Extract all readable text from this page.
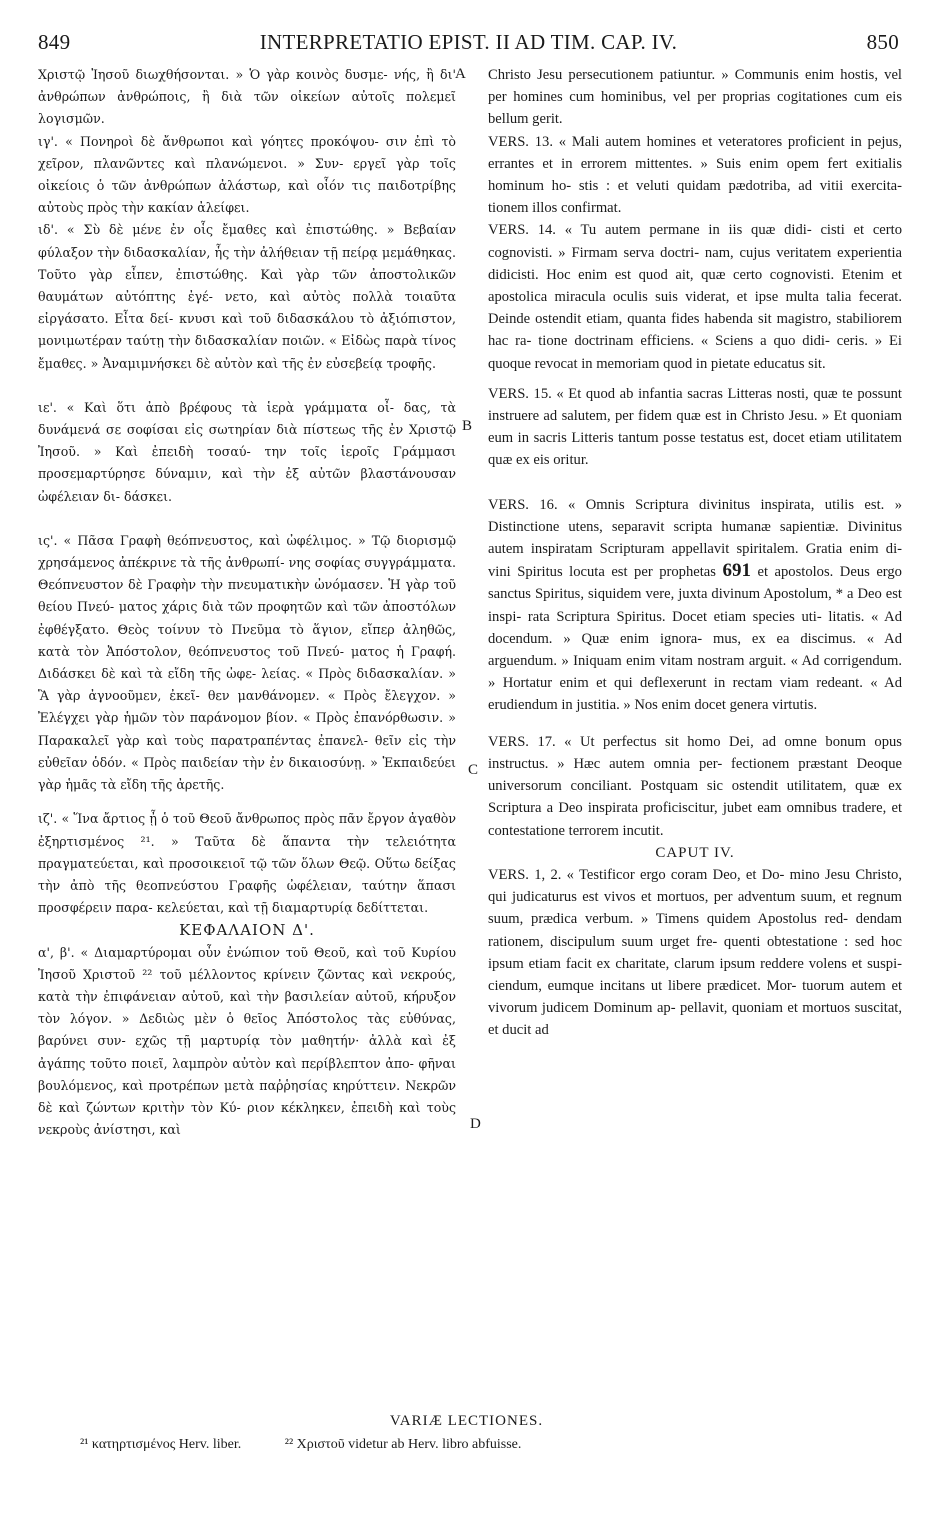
849	INTERPRETATIO EPIST. II AD TIM. CAP. IV.	850

Χριστῷ Ἰησοῦ διωχθήσονται. » Ὁ γὰρ κοινὸς δυσμε- νής, ἢ δι' ἀνθρώπων ἀνθρώποις, ἢ διὰ τῶν οἰκείων αὐτοῖς πολεμεῖ λογισμῶν.

ιγ'. « Πονηροὶ δὲ ἄνθρωποι καὶ γόητες προκόψου- σιν ἐπὶ τὸ χεῖρον, πλανῶντες καὶ πλανώμενοι. » Συν- εργεῖ γὰρ τοῖς οἰκείοις ὁ τῶν ἀνθρώπων ἀλάστωρ, καὶ οἷόν τις παιδοτρίβης αὐτοὺς πρὸς τὴν κακίαν ἀλείφει.

ιδ'. « Σὺ δὲ μένε ἐν οἷς ἔμαθες καὶ ἐπιστώθης. » Βεβαίαν φύλαξον τὴν διδασκαλίαν, ἧς τὴν ἀλήθειαν τῇ πείρᾳ μεμάθηκας. Τοῦτο γὰρ εἶπεν, ἐπιστώθης. Καὶ γὰρ τῶν ἀποστολικῶν θαυμάτων αὐτόπτης ἐγέ- νετο, καὶ αὐτὸς πολλὰ τοιαῦτα εἰργάσατο. Εἶτα δεί- κνυσι καὶ τοῦ διδασκάλου τὸ ἀξιόπιστον, μονιμωτέραν ταύτῃ τὴν διδασκαλίαν ποιῶν. « Εἰδὼς παρὰ τίνος ἔμαθες. » Ἀναμιμνήσκει δὲ αὐτὸν καὶ τῆς ἐν εὐσεβείᾳ τροφῆς.

ιε'. « Καὶ ὅτι ἀπὸ βρέφους τὰ ἱερὰ γράμματα οἶ- δας, τὰ δυνάμενά σε σοφίσαι εἰς σωτηρίαν διὰ πίστεως τῆς ἐν Χριστῷ Ἰησοῦ. » Καὶ ἐπειδὴ τοσαύ- την τοῖς ἱεροῖς Γράμμασι προσεμαρτύρησε δύναμιν, καὶ τὴν ἐξ αὐτῶν βλαστάνουσαν ὠφέλειαν δι- δάσκει.

ις'. « Πᾶσα Γραφὴ θεόπνευστος, καὶ ὠφέλιμος. » Τῷ διορισμῷ χρησάμενος ἀπέκρινε τὰ τῆς ἀνθρωπί- νης σοφίας συγγράμματα. Θεόπνευστον δὲ Γραφὴν τὴν πνευματικὴν ὠνόμασεν. Ἡ γὰρ τοῦ θείου Πνεύ- ματος χάρις διὰ τῶν προφητῶν καὶ τῶν ἀποστόλων ἐφθέγξατο. Θεὸς τοίνυν τὸ Πνεῦμα τὸ ἅγιον, εἴπερ ἀληθῶς, κατὰ τὸν Ἀπόστολον, θεόπνευστος τοῦ Πνεύ- ματος ἡ Γραφή. Διδάσκει δὲ καὶ τὰ εἴδη τῆς ὠφε- λείας. « Πρὸς διδασκαλίαν. » Ἃ γὰρ ἀγνοοῦμεν, ἐκεῖ- θεν μανθάνομεν. « Πρὸς ἔλεγχον. » Ἐλέγχει γὰρ ἡμῶν τὸν παράνομον βίον. « Πρὸς ἐπανόρθωσιν. » Παρακαλεῖ γὰρ καὶ τοὺς παρατραπέντας ἐπανελ- θεῖν εἰς τὴν εὐθεῖαν ὁδόν. « Πρὸς παιδείαν τὴν ἐν δικαιοσύνῃ. » Ἐκπαιδεύει γὰρ ἡμᾶς τὰ εἴδη τῆς ἀρετῆς.

ιζ'. « Ἵνα ἄρτιος ᾖ ὁ τοῦ Θεοῦ ἄνθρωπος πρὸς πᾶν ἔργον ἀγαθὸν ἐξηρτισμένος ²¹. » Ταῦτα δὲ ἅπαντα τὴν τελειότητα πραγματεύεται, καὶ προσοικειοῖ τῷ τῶν ὅλων Θεῷ. Οὕτω δείξας τὴν ἀπὸ τῆς θεοπνεύστου Γραφῆς ὠφέλειαν, ταύτην ἅπασι προσφέρειν παρα- κελεύεται, καὶ τῇ διαμαρτυρίᾳ δεδίττεται.

ΚΕΦΑΛΑΙΟΝ Δ'.

α', β'. « Διαμαρτύρομαι οὖν ἐνώπιον τοῦ Θεοῦ, καὶ τοῦ Κυρίου Ἰησοῦ Χριστοῦ ²² τοῦ μέλλοντος κρίνειν ζῶντας καὶ νεκρούς, κατὰ τὴν ἐπιφάνειαν αὐτοῦ, καὶ τὴν βασιλείαν αὐτοῦ, κήρυξον τὸν λόγον. » Δεδιὼς μὲν ὁ θεῖος Ἀπόστολος τὰς εὐθύνας, βαρύνει συν- εχῶς τῇ μαρτυρίᾳ τὸν μαθητήν· ἀλλὰ καὶ ἐξ ἀγάπης τοῦτο ποιεῖ, λαμπρὸν αὐτὸν καὶ περίβλεπτον ἀπο- φῆναι βουλόμενος, καὶ προτρέπων μετὰ παῤῥησίας κηρύττειν. Νεκρῶν δὲ καὶ ζώντων κριτὴν τὸν Κύ- ριον κέκληκεν, ἐπειδὴ καὶ τοὺς νεκροὺς ἀνίστησι, καὶ

Christo Jesu persecutionem patiuntur. » Communis enim hostis, vel per homines cum hominibus, vel per proprias cogitationes cum eis bellum gerit.

VERS. 13. « Mali autem homines et veteratores proficient in pejus, errantes et in errorem mittentes. » Suis enim opem fert exitialis hominum ho- stis : et veluti quidam pædotriba, ad vitii exercita- tionem illos confirmat.

VERS. 14. « Tu autem permane in iis quæ didi- cisti et certo cognovisti. » Firmam serva doctri- nam, cujus veritatem experientia didicisti. Hoc enim est quod ait, quæ certo cognovisti. Etenim et apostolica miracula oculis suis viderat, et ipse multa talia fecerat. Deinde ostendit etiam, quanta fides habenda sit magistro, stabiliorem hac ra- tione doctrinam efficiens. « Sciens a quo didi- ceris. » Ei quoque revocat in memoriam quod in pietate educatus sit.

VERS. 15. « Et quod ab infantia sacras Litteras nosti, quæ te possunt instruere ad salutem, per fidem quæ est in Christo Jesu. » Et quoniam eum in sacris Litteris tantum posse testatus est, docet etiam utilitatem quæ ex eis oritur.

VERS. 16. « Omnis Scriptura divinitus inspirata, utilis est. » Distinctione utens, separavit scripta humanæ sapientiæ. Divinitus autem inspiratam Scripturam appellavit spiritalem. Gratia enim di- vini Spiritus locuta est per prophetas 691 et apostolos. Deus ergo sanctus Spiritus, siquidem vere, juxta divinum Apostolum, * a Deo est inspi- rata Scriptura Spiritus. Docet etiam species uti- litatis. « Ad docendum. » Quæ enim ignora- mus, ex ea discimus. « Ad arguendum. » Iniquam enim vitam nostram arguit. « Ad corrigendum. » Hortatur enim et qui deflexerunt in rectam viam redeant. « Ad erudiendum in justitia. » Nos enim docet genera virtutis.

VERS. 17. « Ut perfectus sit homo Dei, ad omne bonum opus instructus. » Hæc autem omnia per- fectionem præstant Deoque universorum conciliant. Postquam sic ostendit utilitatem, quæ ex Scriptura a Deo inspirata proficiscitur, jubet eam omnibus tradere, et contestatione terrorem incutit.

CAPUT IV.

VERS. 1, 2. « Testificor ergo coram Deo, et Do- mino Jesu Christo, qui judicaturus est vivos et mortuos, per adventum suum, et regnum suum, prædica verbum. » Timens quidem Apostolus red- dendam rationem, discipulum suum urget fre- quenti obtestatione : sed hoc ipsum etiam facit ex charitate, clarum ipsum reddere volens et suspi- ciendum, eumque incitans ut libere prædicet. Mor- tuorum autem et vivorum judicem Dominum ap- pellavit, quoniam et mortuos suscitat, et ducit ad

A
B
C
D
VARIÆ LECTIONES.
²¹ κατηρτισμένος Herv. liber.	²² Χριστοῦ videtur ab Herv. libro abfuisse.
